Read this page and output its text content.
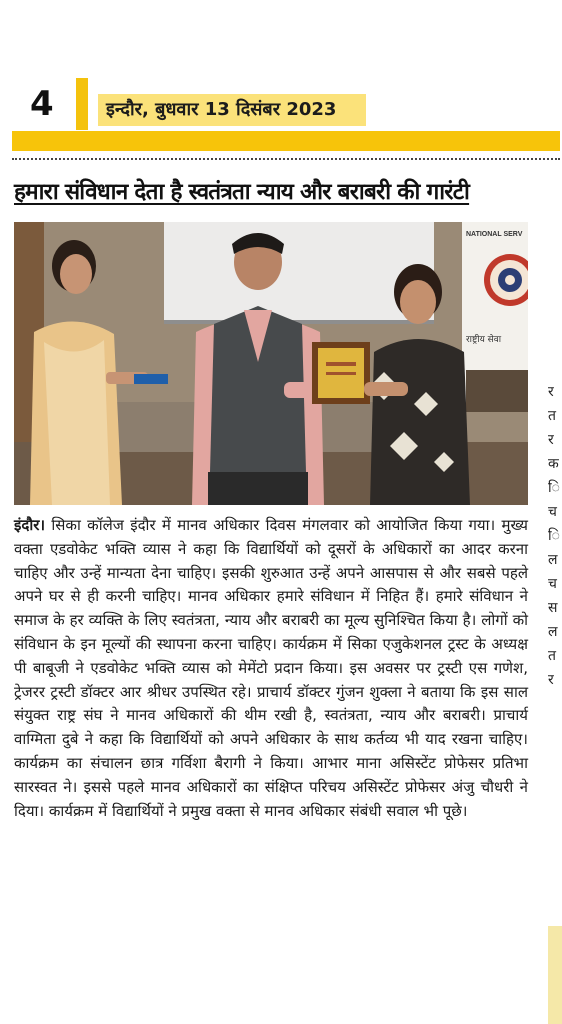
4	इन्दौर, बुधवार 13 दिसंबर 2023
हमारा संविधान देता है स्वतंत्रता न्याय और बराबरी की गारंटी
NATIONAL SERV
राष्ट्रीय सेवा
इंदौर। सिका कॉलेज इंदौर में मानव अधिकार दिवस मंगलवार को आयोजित किया गया। मुख्य वक्ता एडवोकेट भक्ति व्यास ने कहा कि विद्यार्थियों को दूसरों के अधिकारों का आदर करना चाहिए और उन्हें मान्यता देना चाहिए। इसकी शुरुआत उन्हें अपने आसपास से और सबसे पहले अपने घर से ही करनी चाहिए। मानव अधिकार हमारे संविधान में निहित हैं। हमारे संविधान ने समाज के हर व्यक्ति के लिए स्वतंत्रता, न्याय और बराबरी का मूल्य सुनिश्चित किया है। लोगों को संविधान के इन मूल्यों की स्थापना करना चाहिए। कार्यक्रम में सिका एजुकेशनल ट्रस्ट के अध्यक्ष पी बाबूजी ने एडवोकेट भक्ति व्यास को मेमेंटो प्रदान किया। इस अवसर पर ट्रस्टी एस गणेश, ट्रेजरर ट्रस्टी डॉक्टर आर श्रीधर उपस्थित रहे। प्राचार्य डॉक्टर गुंजन शुक्ला ने बताया कि इस साल संयुक्त राष्ट्र संघ ने मानव अधिकारों की थीम रखी है, स्वतंत्रता, न्याय और बराबरी। प्राचार्य वाग्मिता दुबे ने कहा कि विद्यार्थियों को अपने अधिकार के साथ कर्तव्य भी याद रखना चाहिए। कार्यक्रम का संचालन छात्र गर्विशा बैरागी ने किया। आभार माना असिस्टेंट प्रोफेसर प्रतिभा सारस्वत ने। इससे पहले मानव अधिकारों का संक्षिप्त परिचय असिस्टेंट प्रोफेसर अंजु चौधरी ने दिया। कार्यक्रम में विद्यार्थियों ने प्रमुख वक्ता से मानव अधिकार संबंधी सवाल भी पूछे।
र
त
र
क
ि
च
ि
ल
च
स
ल
त
र
